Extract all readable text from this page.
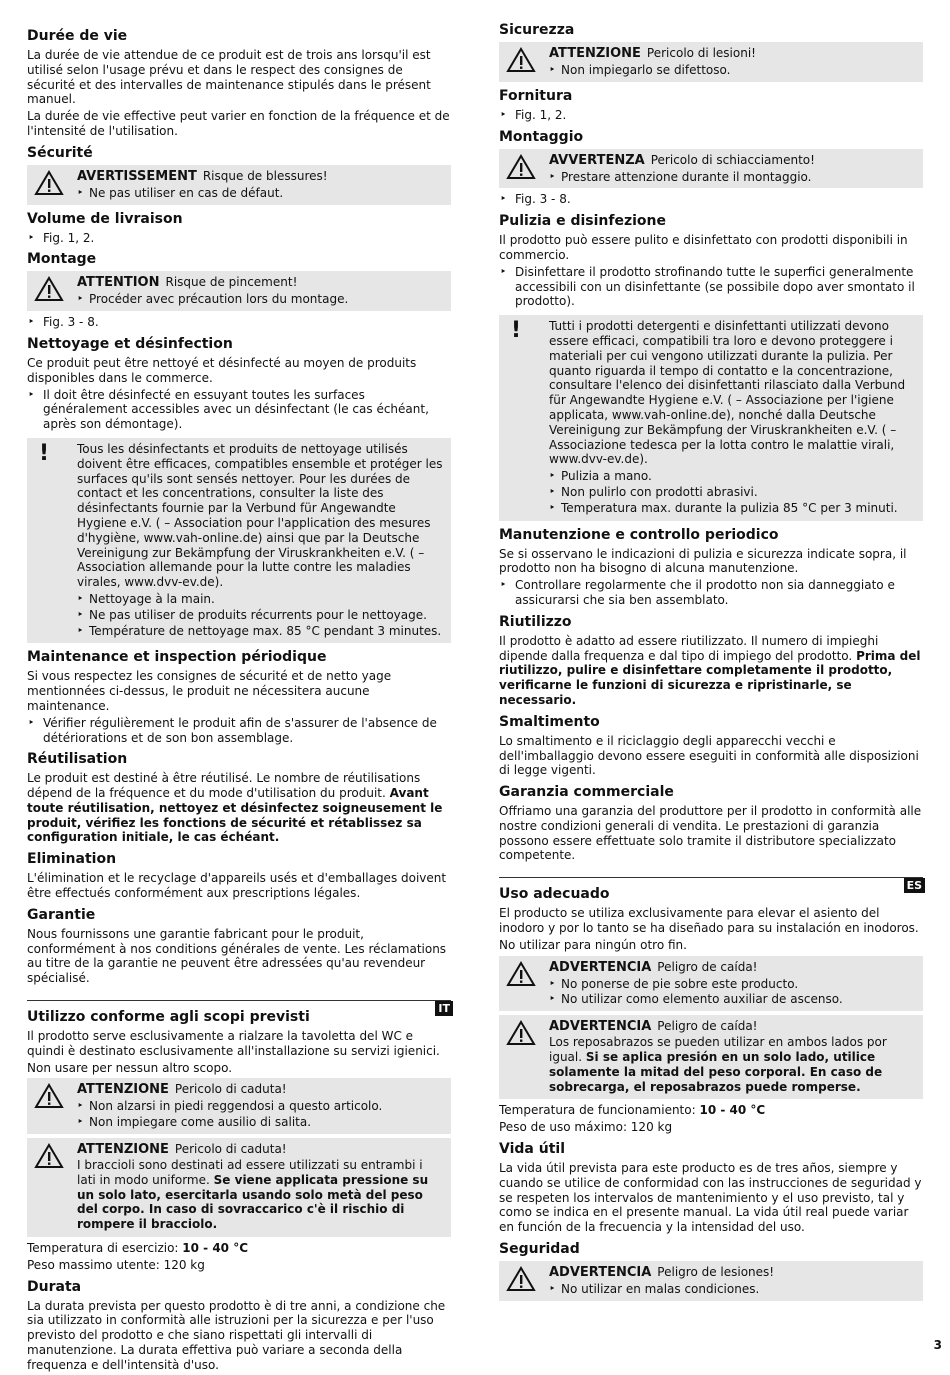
Durée de vie

La durée de vie attendue de ce produit est de trois ans lorsqu'il est utilisé selon l'usage prévu et dans le respect des consignes de sécurité et des intervalles de maintenance stipulés dans le présent manuel.

La durée de vie effective peut varier en fonction de la fréquence et de l'intensité de l'utilisation.

Sécurité
AVERTISSEMENT Risque de blessures!
‣ Ne pas utiliser en cas de défaut.
Volume de livraison
‣ Fig. 1, 2.
Montage
ATTENTION Risque de pincement!
‣ Procéder avec précaution lors du montage.
‣ Fig. 3 - 8.
Nettoyage et désinfection

Ce produit peut être nettoyé et désinfecté au moyen de produits disponibles dans le commerce.

‣ Il doit être désinfecté en essuyant toutes les surfaces généralement accessibles avec un désinfectant (le cas échéant, après son démontage).
! Tous les désinfectants et produits de nettoyage utilisés doivent être efficaces, compatibles ensemble et protéger les surfaces qu'ils sont sensés nettoyer. Pour les durées de contact et les concentrations, consulter la liste des désinfectants fournie par la Verbund für Angewandte Hygiene e.V. ( – Association pour l'application des mesures d'hygiène, www.vah-online.de) ainsi que par la Deutsche Vereinigung zur Bekämpfung der Viruskrankheiten e.V. ( – Association allemande pour la lutte contre les maladies virales, www.dvv-ev.de).

‣ Nettoyage à la main.
‣ Ne pas utiliser de produits récurrents pour le nettoyage.
‣ Température de nettoyage max. 85 °C pendant 3 minutes.
Maintenance et inspection périodique

Si vous respectez les consignes de sécurité et de netto yage mentionnées ci-dessus, le produit ne nécessitera aucune maintenance.

‣ Vérifier régulièrement le produit afin de s'assurer de l'absence de détériorations et de son bon assemblage.
Réutilisation

Le produit est destiné à être réutilisé. Le nombre de réutilisations dépend de la fréquence et du mode d'utilisation du produit. Avant toute réutilisation, nettoyez et désinfectez soigneusement le produit, vérifiez les fonctions de sécurité et rétablissez sa configuration initiale, le cas échéant.

Elimination

L'élimination et le recyclage d'appareils usés et d'emballages doivent être effectués conformément aux prescriptions légales.

Garantie

Nous fournissons une garantie fabricant pour le produit, conformément à nos conditions générales de vente. Les réclamations au titre de la garantie ne peuvent être adressées qu'au revendeur spécialisé.

IT
Utilizzo conforme agli scopi previsti

Il prodotto serve esclusivamente a rialzare la tavoletta del WC e quindi è destinato esclusivamente all'installazione su servizi igienici.

Non usare per nessun altro scopo.

ATTENZIONE Pericolo di caduta!
‣ Non alzarsi in piedi reggendosi a questo articolo.
‣ Non impiegare come ausilio di salita.
ATTENZIONE Pericolo di caduta!

I braccioli sono destinati ad essere utilizzati su entrambi i lati in modo uniforme. Se viene applicata pressione su un solo lato, esercitarla usando solo metà del peso del corpo. In caso di sovraccarico c'è il rischio di rompere il bracciolo.

Temperatura di esercizio: 10 - 40 °C

Peso massimo utente: 120 kg

Durata

La durata prevista per questo prodotto è di tre anni, a condizione che sia utilizzato in conformità alle istruzioni per la sicurezza e per l'uso previsto del prodotto e che siano rispettati gli intervalli di manutenzione. La durata effettiva può variare a seconda della frequenza e dell'intensità d'uso.

Sicurezza
ATTENZIONE Pericolo di lesioni!
‣ Non impiegarlo se difettoso.
Fornitura
‣ Fig. 1, 2.
Montaggio
AVVERTENZA Pericolo di schiacciamento!
‣ Prestare attenzione durante il montaggio.
‣ Fig. 3 - 8.
Pulizia e disinfezione

Il prodotto può essere pulito e disinfettato con prodotti disponibili in commercio.

‣ Disinfettare il prodotto strofinando tutte le superfici generalmente accessibili con un disinfettante (se possibile dopo aver smontato il prodotto).
! Tutti i prodotti detergenti e disinfettanti utilizzati devono essere efficaci, compatibili tra loro e devono proteggere i materiali per cui vengono utilizzati durante la pulizia. Per quanto riguarda il tempo di contatto e la concentrazione, consultare l'elenco dei disinfettanti rilasciato dalla Verbund für Angewandte Hygiene e.V. ( – Associazione per l'igiene applicata, www.vah-online.de), nonché dalla Deutsche Vereinigung zur Bekämpfung der Viruskrankheiten e.V. ( – Associazione tedesca per la lotta contro le malattie virali, www.dvv-ev.de).

‣ Pulizia a mano.
‣ Non pulirlo con prodotti abrasivi.
‣ Temperatura max. durante la pulizia 85 °C per 3 minuti.
Manutenzione e controllo periodico

Se si osservano le indicazioni di pulizia e sicurezza indicate sopra, il prodotto non ha bisogno di alcuna manutenzione.

‣ Controllare regolarmente che il prodotto non sia danneggiato e assicurarsi che sia ben assemblato.
Riutilizzo

Il prodotto è adatto ad essere riutilizzato. Il numero di impieghi dipende dalla frequenza e dal tipo di impiego del prodotto. Prima del riutilizzo, pulire e disinfettare completamente il prodotto, verificarne le funzioni di sicurezza e ripristinarle, se necessario.

Smaltimento

Lo smaltimento e il riciclaggio degli apparecchi vecchi e dell'imballaggio devono essere eseguiti in conformità alle disposizioni di legge vigenti.

Garanzia commerciale

Offriamo una garanzia del produttore per il prodotto in conformità alle nostre condizioni generali di vendita. Le prestazioni di garanzia possono essere effettuate solo tramite il distributore specializzato competente.

ES
Uso adecuado

El producto se utiliza exclusivamente para elevar el asiento del inodoro y por lo tanto se ha diseñado para su instalación en inodoros.

No utilizar para ningún otro fin.

ADVERTENCIA Peligro de caída!
‣ No ponerse de pie sobre este producto.
‣ No utilizar como elemento auxiliar de ascenso.
ADVERTENCIA Peligro de caída!

Los reposabrazos se pueden utilizar en ambos lados por igual. Si se aplica presión en un solo lado, utilice solamente la mitad del peso corporal. En caso de sobrecarga, el reposabrazos puede romperse.

Temperatura de funcionamiento: 10 - 40 °C

Peso de uso máximo: 120 kg

Vida útil

La vida útil prevista para este producto es de tres años, siempre y cuando se utilice de conformidad con las instrucciones de seguridad y se respeten los intervalos de mantenimiento y el uso previsto, tal y como se indica en el presente manual. La vida útil real puede variar en función de la frecuencia y la intensidad del uso.

Seguridad
ADVERTENCIA Peligro de lesiones!
‣ No utilizar en malas condiciones.
3
